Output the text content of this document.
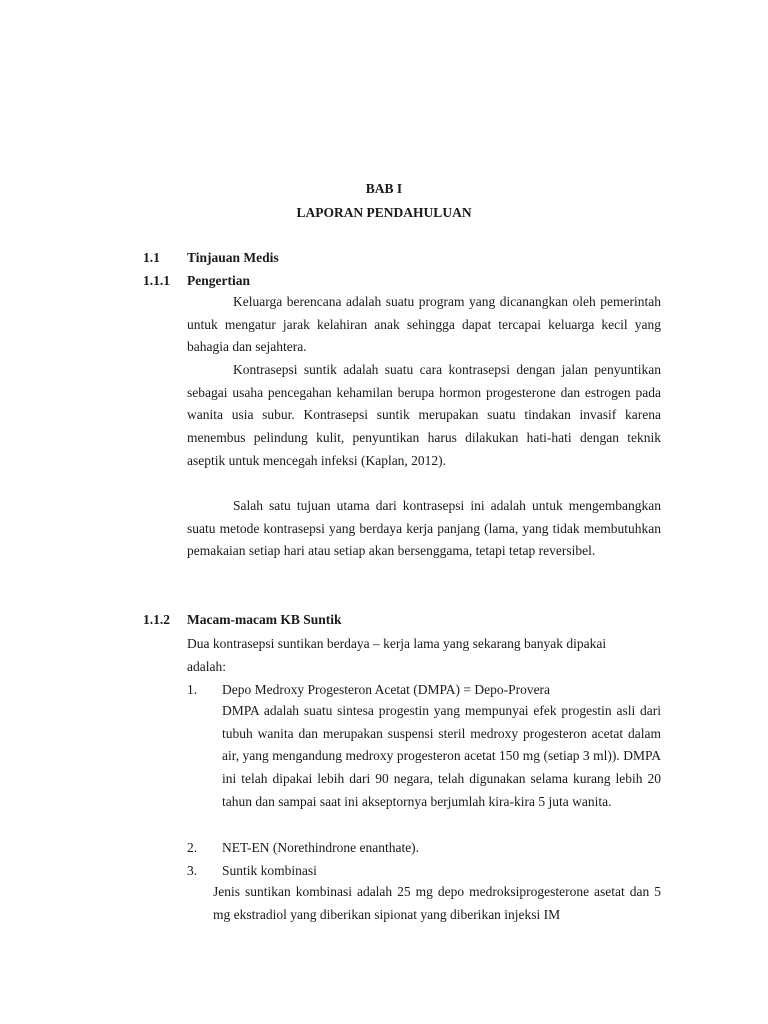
BAB I
LAPORAN PENDAHULUAN
1.1 Tinjauan Medis
1.1.1 Pengertian

Keluarga berencana adalah suatu program yang dicanangkan oleh pemerintah untuk mengatur jarak kelahiran anak sehingga dapat tercapai keluarga kecil yang bahagia dan sejahtera.

Kontrasepsi suntik adalah suatu cara kontrasepsi dengan jalan penyuntikan sebagai usaha pencegahan kehamilan berupa hormon progesterone dan estrogen pada wanita usia subur. Kontrasepsi suntik merupakan suatu tindakan invasif karena menembus pelindung kulit, penyuntikan harus dilakukan hati-hati dengan teknik aseptik untuk mencegah infeksi (Kaplan, 2012).

Salah satu tujuan utama dari kontrasepsi ini adalah untuk mengembangkan suatu metode kontrasepsi yang berdaya kerja panjang (lama, yang tidak membutuhkan pemakaian setiap hari atau setiap akan bersenggama, tetapi tetap reversibel.

1.1.2 Macam-macam KB Suntik
Dua kontrasepsi suntikan berdaya – kerja lama yang sekarang banyak dipakai
adalah:
1. Depo Medroxy Progesteron Acetat (DMPA) = Depo-Provera

DMPA adalah suatu sintesa progestin yang mempunyai efek progestin asli dari tubuh wanita dan merupakan suspensi steril medroxy progesteron acetat dalam air, yang mengandung medroxy progesteron acetat 150 mg (setiap 3 ml)). DMPA ini telah dipakai lebih dari 90 negara, telah digunakan selama kurang lebih 20 tahun dan sampai saat ini akseptornya berjumlah kira-kira 5 juta wanita.

2. NET-EN (Norethindrone enanthate).
3. Suntik kombinasi

Jenis suntikan kombinasi adalah 25 mg depo medroksiprogesterone asetat dan 5 mg ekstradiol yang diberikan sipionat yang diberikan injeksi IM
